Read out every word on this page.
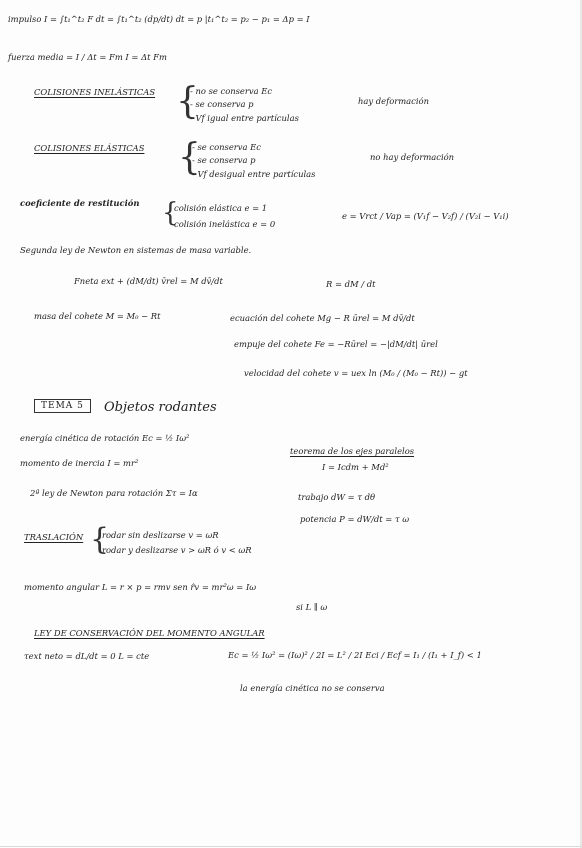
impulso I = ∫t₁^t₂ F dt = ∫t₁^t₂ (dp/dt) dt = p |t₁^t₂ = p₂ − p₁ = Δp = I
fuerza media = I / Δt = Fm I = Δt Fm
COLISIONES INELÁSTICAS {
- no se conserva Ec
- se conserva p
- Vf igual entre partículas
hay deformación
COLISIONES ELÁSTICAS {
- se conserva Ec
- se conserva p
- Vf desigual entre partículas
no hay deformación
coeficiente de restitución {
colisión elástica e = 1
colisión inelástica e = 0
e = Vrct / Vap = (V₁f − V₂f) / (V₂i − V₁i)
Segunda ley de Newton en sistemas de masa variable.
Fneta ext + (dM/dt) v̄rel = M dv̄/dt	R = dM / dt
masa del cohete M = M₀ − Rt	ecuación del cohete Mg − R ūrel = M dv̄/dt
empuje del cohete Fe = −Rūrel = −|dM/dt| ūrel
velocidad del cohete v = uex ln (M₀ / (M₀ − Rt)) − gt
TEMA 5	Objetos rodantes
energía cinética de rotación Ec = ½ Iω²
teorema de los ejes paralelos
I = Icdm + Md²
momento de inercia I = mr²
2ª ley de Newton para rotación Στ = Iα	trabajo dW = τ dθ
potencia P = dW/dt = τ ω
TRASLACIÓN {
rodar sin deslizarse v = ωR
rodar y deslizarse v > ωR ó v < ωR
momento angular L = r × p = rmv sen r̂v = mr²ω = Iω
si L ∥ ω
LEY DE CONSERVACIÓN DEL MOMENTO ANGULAR
τext neto = dL/dt = 0 L = cte	Ec = ½ Iω² = (Iω)² / 2I = L² / 2I Eci / Ecf = I₁ / (I₁ + I_f) < 1
la energía cinética no se conserva
